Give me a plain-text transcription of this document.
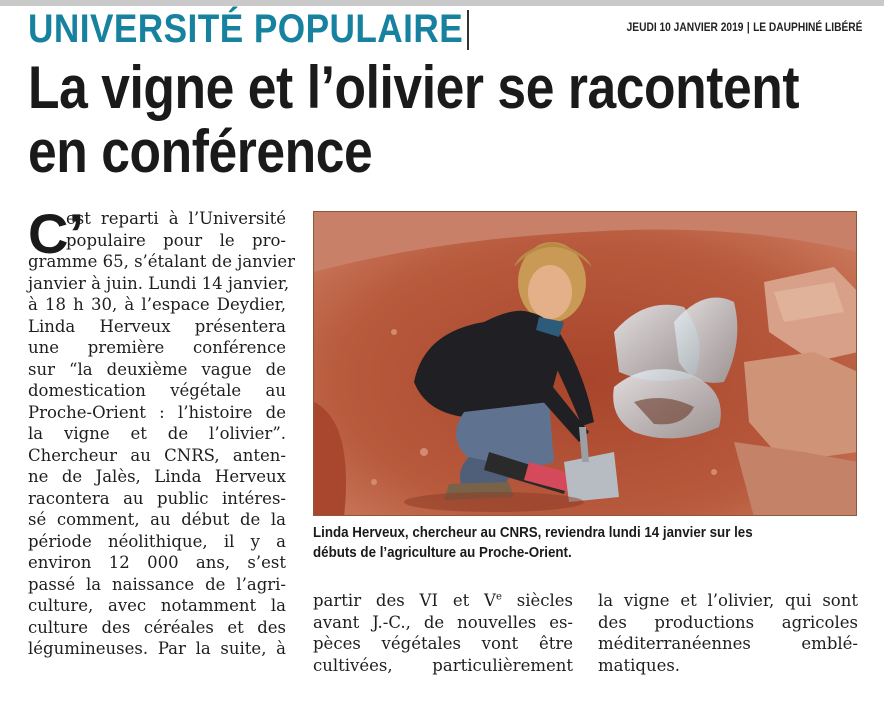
UNIVERSITÉ POPULAIRE	JEUDI 10 JANVIER 2019 | LE DAUPHINÉ LIBÉRÉ
La vigne et l’olivier se racontent
en conférence
C’
est reparti à l’Université
populaire pour le pro-
gramme 65, s’étalant de janvier
janvier à juin. Lundi 14 janvier,
à 18 h 30, à l’espace Deydier,
Linda Herveux présentera
une première conférence
sur “la deuxième vague de
domestication végétale au
Proche-Orient : l’histoire de
la vigne et de l’olivier”.
Chercheur au CNRS, anten-
ne de Jalès, Linda Herveux
racontera au public intéres-
sé comment, au début de la
période néolithique, il y a
environ 12 000 ans, s’est
passé la naissance de l’agri-
culture, avec notamment la
culture des céréales et des
légumineuses. Par la suite, à
Linda Herveux, chercheur au CNRS, reviendra lundi 14 janvier sur les
débuts de l’agriculture au Proche-Orient.
partir des VI et Ve siècles
avant J.-C., de nouvelles es-
pèces végétales vont être
cultivées, particulièrement
la vigne et l’olivier, qui sont
des productions agricoles
méditerranéennes emblé-
matiques.
